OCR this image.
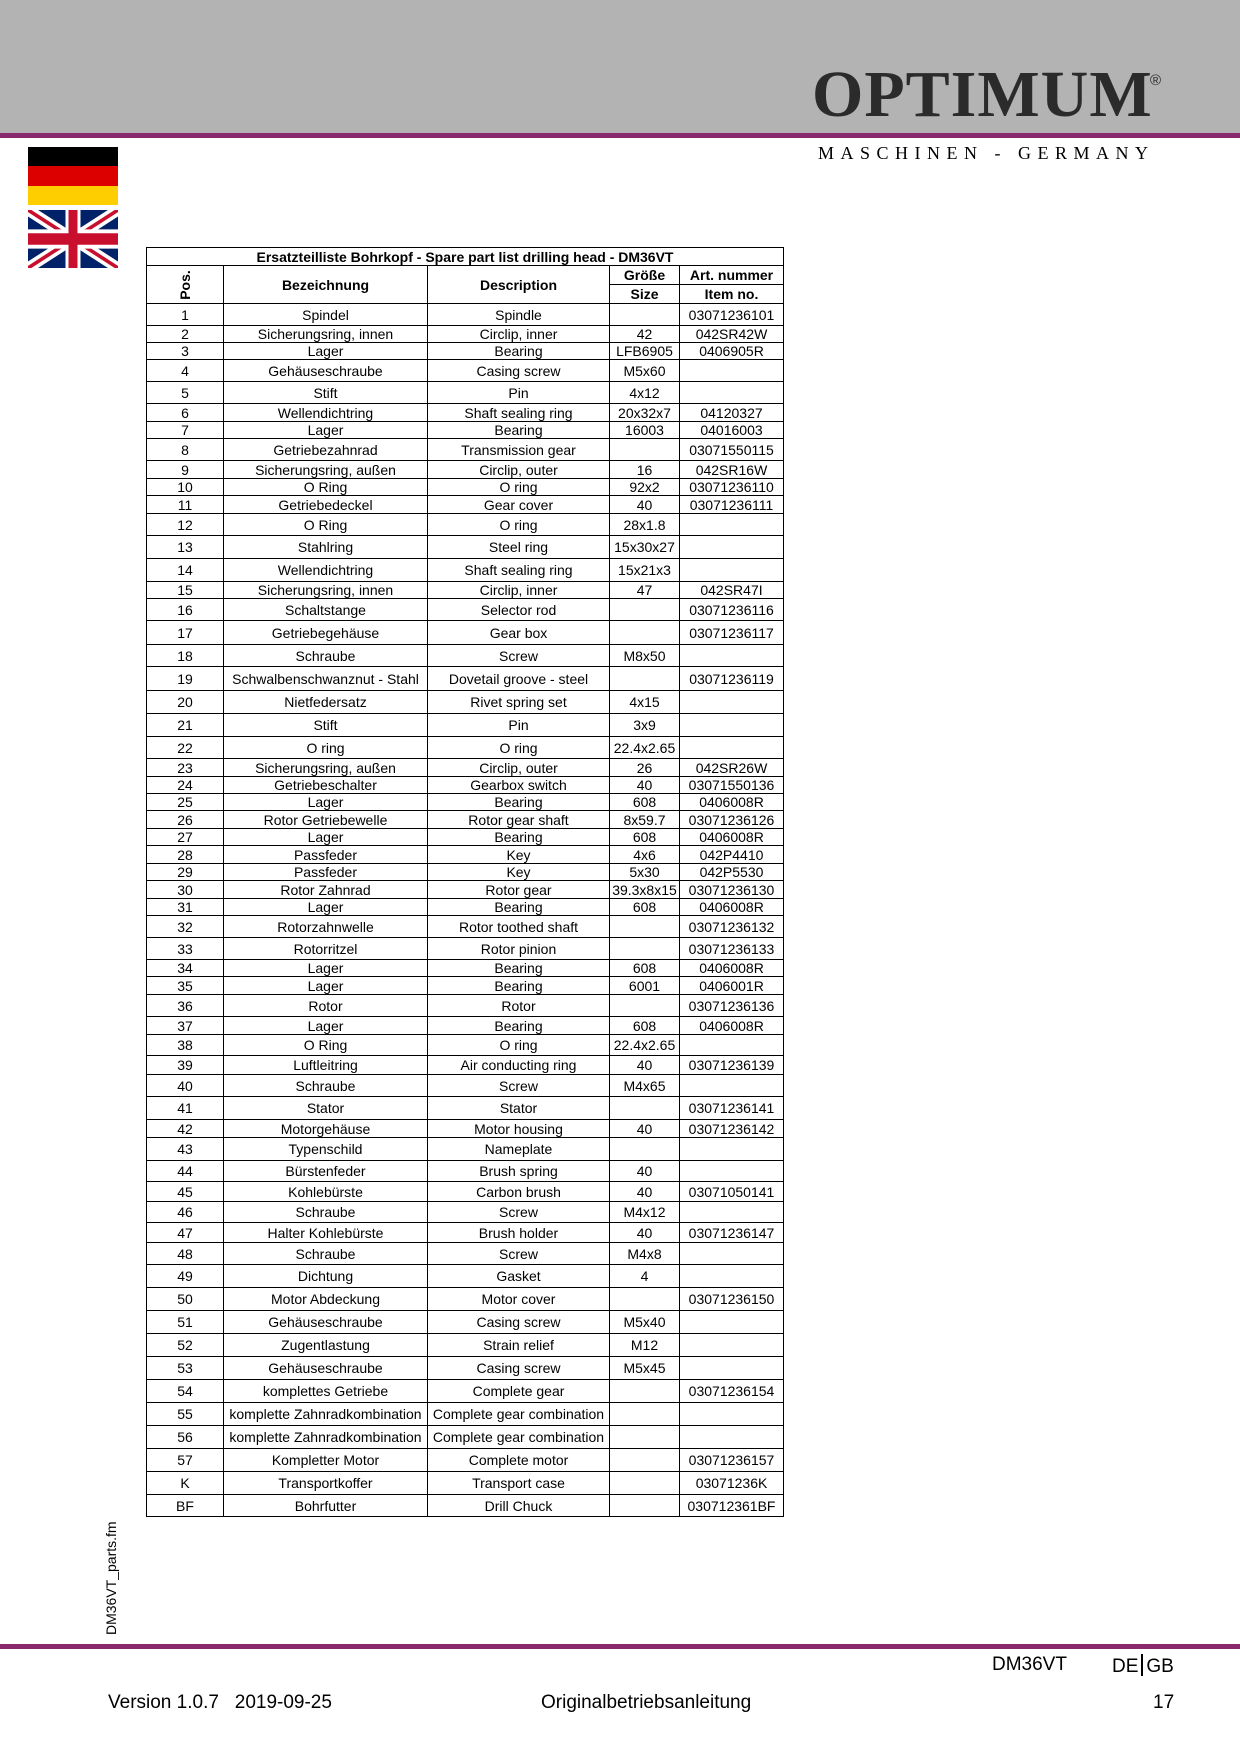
OPTIMUM
®
MASCHINEN - GERMANY
DM36VT_parts.fm
Ersatzteilliste Bohrkopf - Spare part list drilling head - DM36VT				
Pos.	Bezeichnung	Description	Größe	Art. nummer
			Size	Item no.
1	Spindel	Spindle		03071236101
2	Sicherungsring, innen	Circlip, inner	42	042SR42W
3	Lager	Bearing	LFB6905	0406905R
4	Gehäuseschraube	Casing screw	M5x60	
5	Stift	Pin	4x12	
6	Wellendichtring	Shaft sealing ring	20x32x7	04120327
7	Lager	Bearing	16003	04016003
8	Getriebezahnrad	Transmission gear		03071550115
9	Sicherungsring, außen	Circlip, outer	16	042SR16W
10	O Ring	O ring	92x2	03071236110
11	Getriebedeckel	Gear cover	40	03071236111
12	O Ring	O ring	28x1.8	
13	Stahlring	Steel ring	15x30x27	
14	Wellendichtring	Shaft sealing ring	15x21x3	
15	Sicherungsring, innen	Circlip, inner	47	042SR47I
16	Schaltstange	Selector rod		03071236116
17	Getriebegehäuse	Gear box		03071236117
18	Schraube	Screw	M8x50	
19	Schwalbenschwanznut - Stahl	Dovetail groove - steel		03071236119
20	Nietfedersatz	Rivet spring set	4x15	
21	Stift	Pin	3x9	
22	O ring	O ring	22.4x2.65	
23	Sicherungsring, außen	Circlip, outer	26	042SR26W
24	Getriebeschalter	Gearbox switch	40	03071550136
25	Lager	Bearing	608	0406008R
26	Rotor Getriebewelle	Rotor gear shaft	8x59.7	03071236126
27	Lager	Bearing	608	0406008R
28	Passfeder	Key	4x6	042P4410
29	Passfeder	Key	5x30	042P5530
30	Rotor Zahnrad	Rotor gear	39.3x8x15	03071236130
31	Lager	Bearing	608	0406008R
32	Rotorzahnwelle	Rotor toothed shaft		03071236132
33	Rotorritzel	Rotor pinion		03071236133
34	Lager	Bearing	608	0406008R
35	Lager	Bearing	6001	0406001R
36	Rotor	Rotor		03071236136
37	Lager	Bearing	608	0406008R
38	O Ring	O ring	22.4x2.65	
39	Luftleitring	Air conducting ring	40	03071236139
40	Schraube	Screw	M4x65	
41	Stator	Stator		03071236141
42	Motorgehäuse	Motor housing	40	03071236142
43	Typenschild	Nameplate		
44	Bürstenfeder	Brush spring	40	
45	Kohlebürste	Carbon brush	40	03071050141
46	Schraube	Screw	M4x12	
47	Halter Kohlebürste	Brush holder	40	03071236147
48	Schraube	Screw	M4x8	
49	Dichtung	Gasket	4	
50	Motor Abdeckung	Motor cover		03071236150
51	Gehäuseschraube	Casing screw	M5x40	
52	Zugentlastung	Strain relief	M12	
53	Gehäuseschraube	Casing screw	M5x45	
54	komplettes Getriebe	Complete gear		03071236154
55	komplette Zahnradkombination	Complete gear combination		
56	komplette Zahnradkombination	Complete gear combination		
57	Kompletter Motor	Complete motor		03071236157
K	Transportkoffer	Transport case		03071236K
BF	Bohrfutter	Drill Chuck		030712361BF
DM36VT DE GB
Version 1.0.7   2019-09-25	Originalbetriebsanleitung	17
